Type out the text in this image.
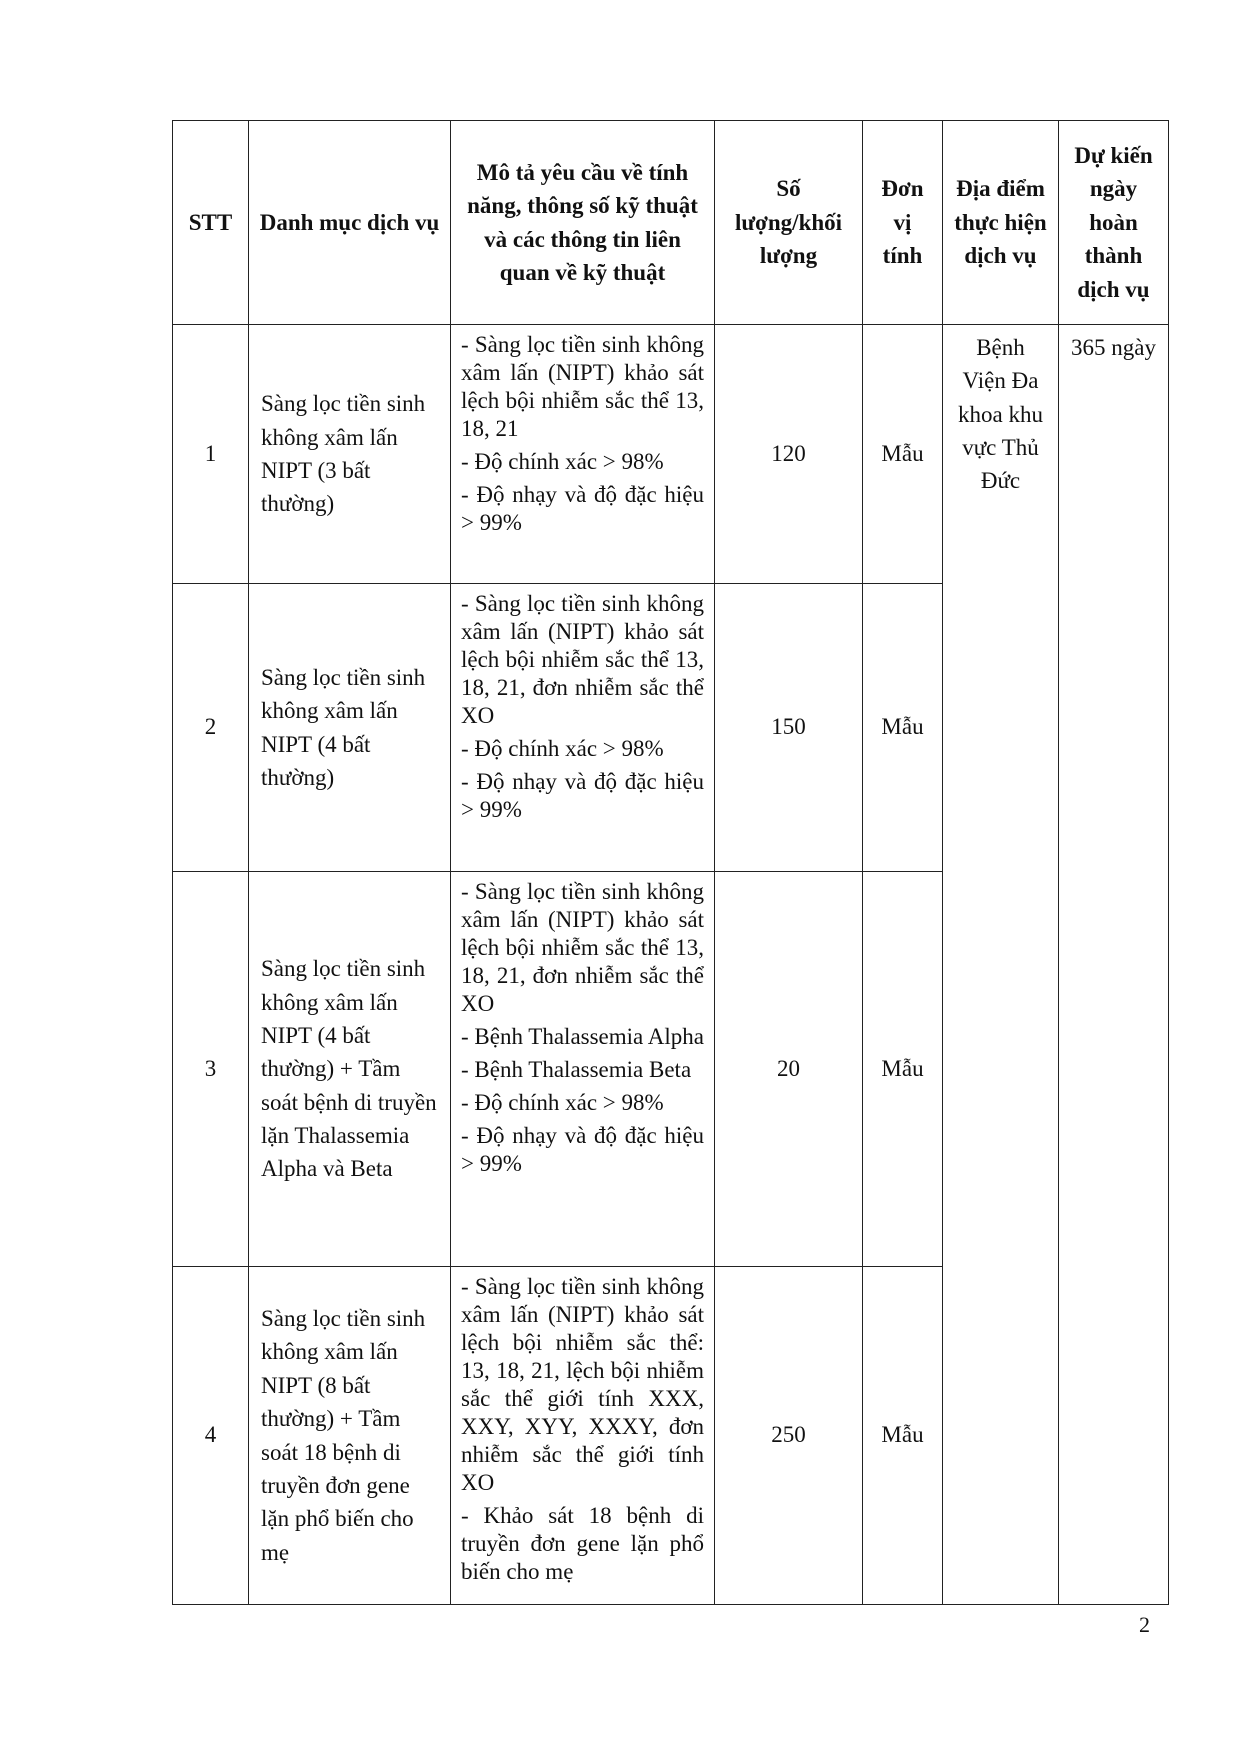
STT	Danh mục dịch vụ	Mô tả yêu cầu về tính năng, thông số kỹ thuật và các thông tin liên quan về kỹ thuật	Số lượng/khối lượng	Đơn vị tính	Địa điểm thực hiện dịch vụ	Dự kiến ngày hoàn thành dịch vụ
1	Sàng lọc tiền sinh không xâm lấn NIPT (3 bất thường)	- Sàng lọc tiền sinh không xâm lấn (NIPT) khảo sát lệch bội nhiễm sắc thể 13, 18, 21
- Độ chính xác > 98%
- Độ nhạy và độ đặc hiệu > 99%	120	Mẫu	Bệnh Viện Đa khoa khu vực Thủ Đức	365 ngày
2	Sàng lọc tiền sinh không xâm lấn NIPT (4 bất thường)	- Sàng lọc tiền sinh không xâm lấn (NIPT) khảo sát lệch bội nhiễm sắc thể 13, 18, 21, đơn nhiễm sắc thể XO
- Độ chính xác > 98%
- Độ nhạy và độ đặc hiệu > 99%	150	Mẫu		
3	Sàng lọc tiền sinh không xâm lấn NIPT (4 bất thường) + Tầm soát bệnh di truyền lặn Thalassemia Alpha và Beta	- Sàng lọc tiền sinh không xâm lấn (NIPT) khảo sát lệch bội nhiễm sắc thể 13, 18, 21, đơn nhiễm sắc thể XO
- Bệnh Thalassemia Alpha
- Bệnh Thalassemia Beta
- Độ chính xác > 98%
- Độ nhạy và độ đặc hiệu > 99%	20	Mẫu		
4	Sàng lọc tiền sinh không xâm lấn NIPT (8 bất thường) + Tầm soát 18 bệnh di truyền đơn gene lặn phổ biến cho mẹ	- Sàng lọc tiền sinh không xâm lấn (NIPT) khảo sát lệch bội nhiễm sắc thể: 13, 18, 21, lệch bội nhiễm sắc thể giới tính XXX, XXY, XYY, XXXY, đơn nhiễm sắc thể giới tính XO
- Khảo sát 18 bệnh di truyền đơn gene lặn phổ biến cho mẹ	250	Mẫu		
2
